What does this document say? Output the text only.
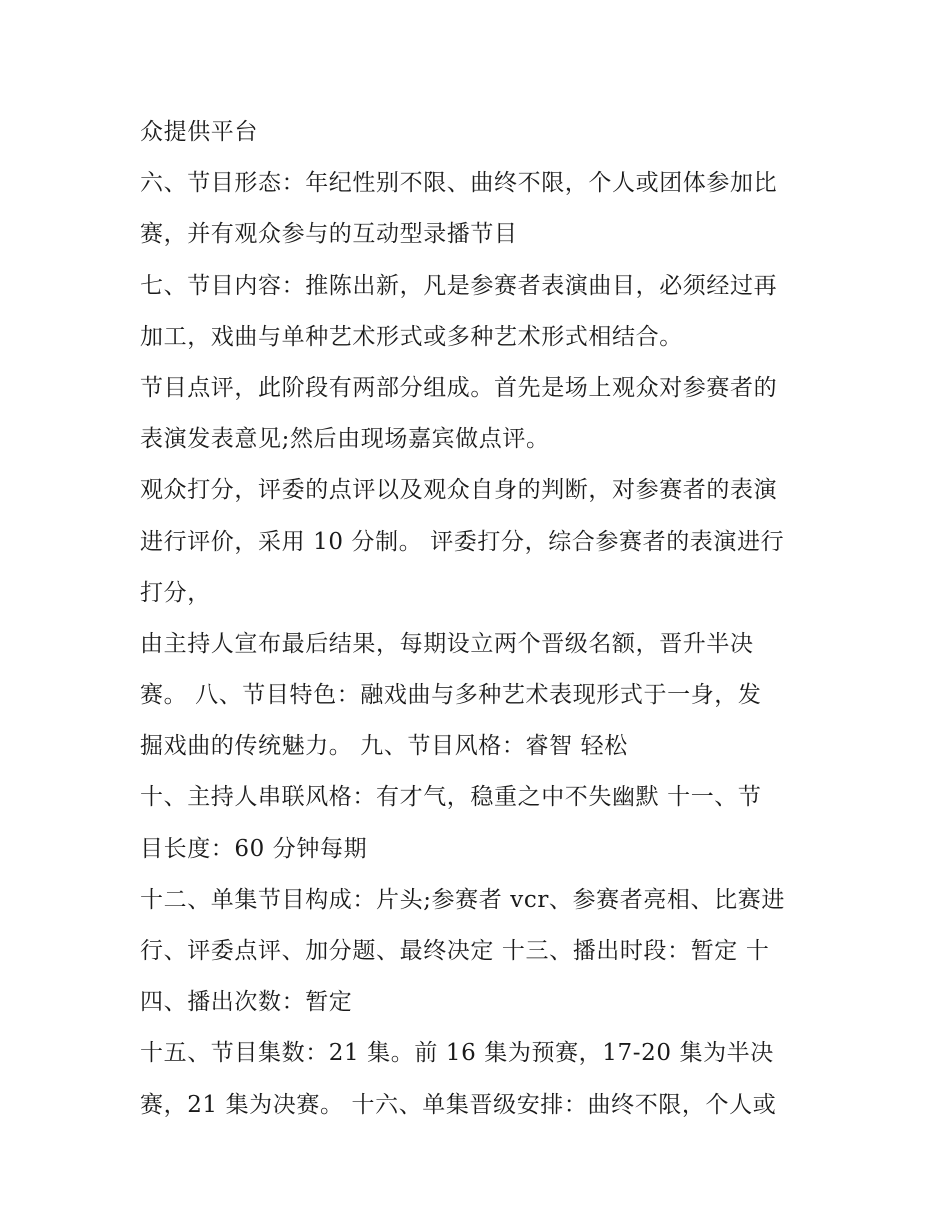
众提供平台
六、节目形态：年纪性别不限、曲终不限，个人或团体参加比
赛，并有观众参与的互动型录播节目
七、节目内容：推陈出新，凡是参赛者表演曲目，必须经过再
加工，戏曲与单种艺术形式或多种艺术形式相结合。
节目点评，此阶段有两部分组成。首先是场上观众对参赛者的
表演发表意见;然后由现场嘉宾做点评。
观众打分，评委的点评以及观众自身的判断，对参赛者的表演
进行评价，采用 10 分制。 评委打分，综合参赛者的表演进行
打分，
由主持人宣布最后结果，每期设立两个晋级名额，晋升半决
赛。 八、节目特色：融戏曲与多种艺术表现形式于一身，发
掘戏曲的传统魅力。 九、节目风格：睿智 轻松
十、主持人串联风格：有才气，稳重之中不失幽默 十一、节
目长度：60 分钟每期
十二、单集节目构成：片头;参赛者 vcr、参赛者亮相、比赛进
行、评委点评、加分题、最终决定 十三、播出时段：暂定 十
四、播出次数：暂定
十五、节目集数：21 集。前 16 集为预赛，17-20 集为半决
赛，21 集为决赛。 十六、单集晋级安排：曲终不限，个人或
